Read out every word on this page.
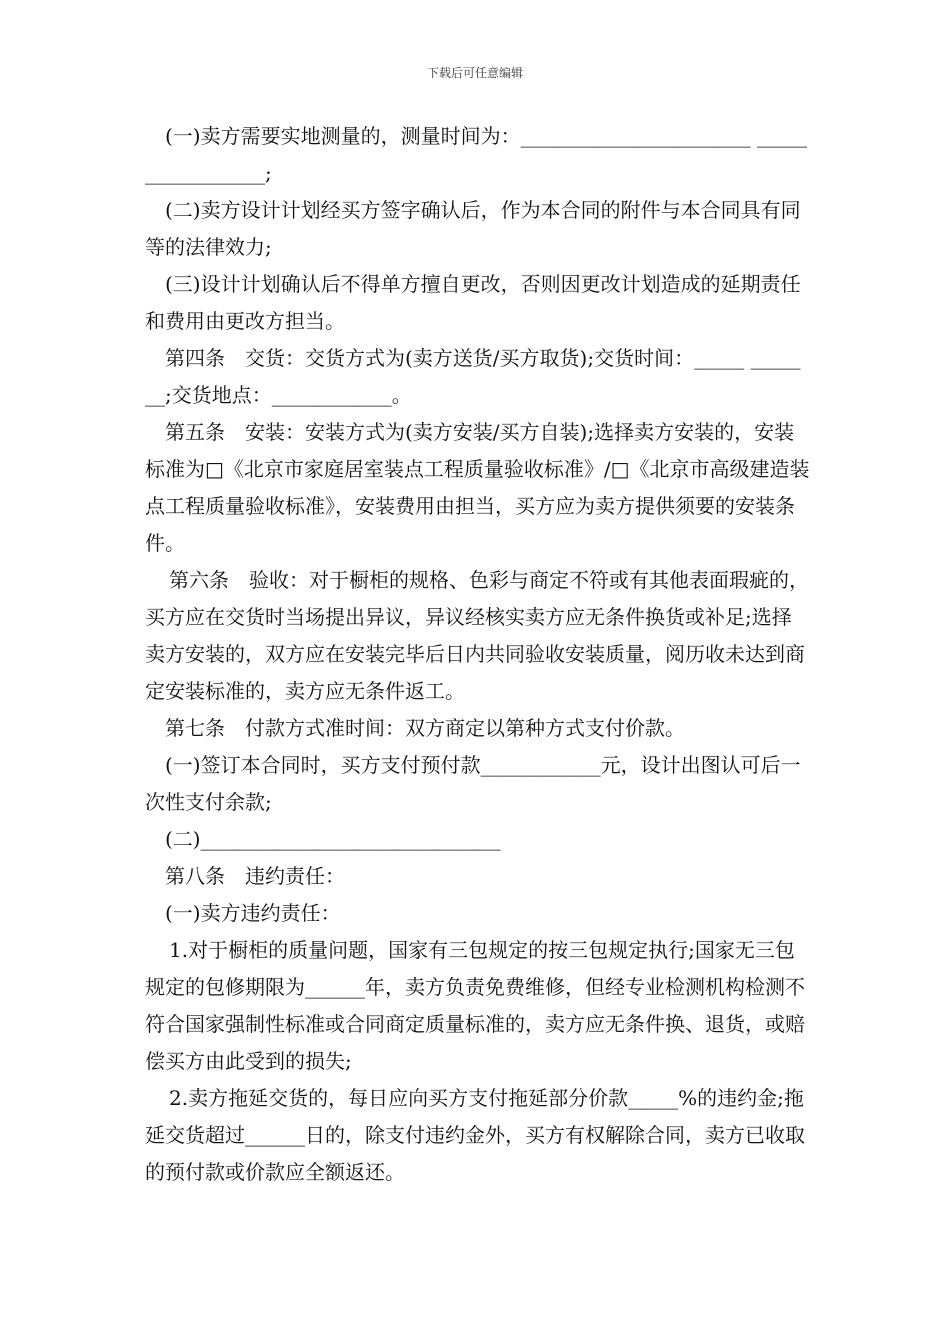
下载后可任意编辑

(一)卖方需要实地测量的，测量时间为：_______________________ _________________;

(二)卖方设计计划经买方签字确认后，作为本合同的附件与本合同具有同等的法律效力;

(三)设计计划确认后不得单方擅自更改，否则因更改计划造成的延期责任和费用由更改方担当。

第四条　交货：交货方式为(卖方送货/买方取货);交货时间：_____ _______;交货地点：____________。

第五条　安装：安装方式为(卖方安装/买方自装);选择卖方安装的，安装标准为□《北京市家庭居室装点工程质量验收标准》/□《北京市高级建造装点工程质量验收标准》，安装费用由担当，买方应为卖方提供须要的安装条件。

第六条　验收：对于橱柜的规格、色彩与商定不符或有其他表面瑕疵的，买方应在交货时当场提出异议，异议经核实卖方应无条件换货或补足;选择卖方安装的，双方应在安装完毕后日内共同验收安装质量，阅历收未达到商定安装标准的，卖方应无条件返工。

第七条　付款方式准时间：双方商定以第种方式支付价款。

(一)签订本合同时，买方支付预付款____________元，设计出图认可后一次性支付余款;

(二)______________________________

第八条　违约责任：

(一)卖方违约责任：

1.对于橱柜的质量问题，国家有三包规定的按三包规定执行;国家无三包规定的包修期限为______年，卖方负责免费维修，但经专业检测机构检测不符合国家强制性标准或合同商定质量标准的，卖方应无条件换、退货，或赔偿买方由此受到的损失;

2.卖方拖延交货的，每日应向买方支付拖延部分价款_____%的违约金;拖延交货超过______日的，除支付违约金外，买方有权解除合同，卖方已收取的预付款或价款应全额返还。
